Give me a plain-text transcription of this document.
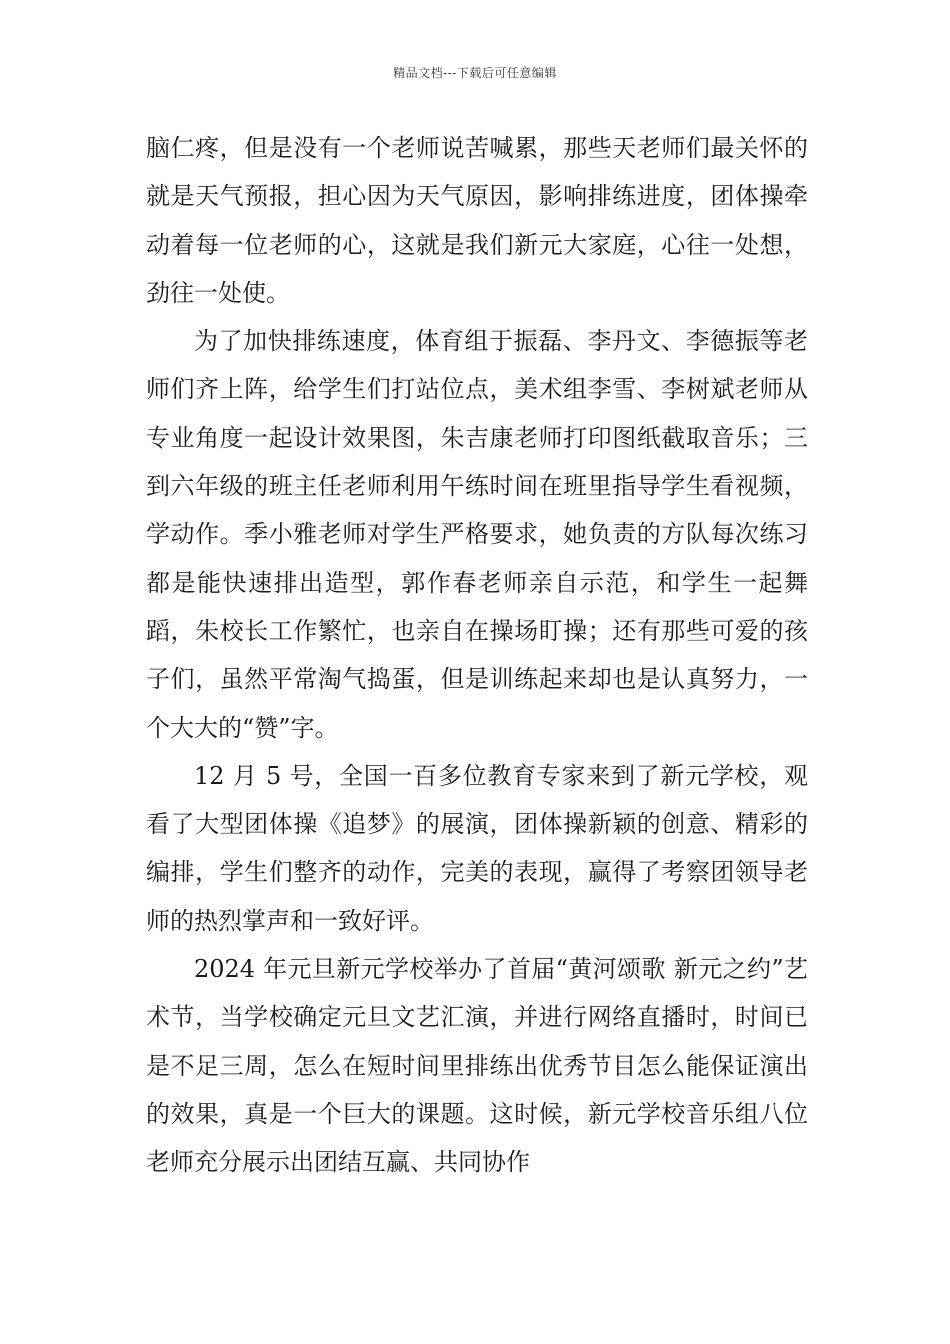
精品文档---下载后可任意编辑

脑仁疼，但是没有一个老师说苦喊累，那些天老师们最关怀的就是天气预报，担心因为天气原因，影响排练进度，团体操牵动着每一位老师的心，这就是我们新元大家庭，心往一处想，劲往一处使。

为了加快排练速度，体育组于振磊、李丹文、李德振等老师们齐上阵，给学生们打站位点，美术组李雪、李树斌老师从专业角度一起设计效果图，朱吉康老师打印图纸截取音乐；三到六年级的班主任老师利用午练时间在班里指导学生看视频，学动作。季小雅老师对学生严格要求，她负责的方队每次练习都是能快速排出造型，郭作春老师亲自示范，和学生一起舞蹈，朱校长工作繁忙，也亲自在操场盯操；还有那些可爱的孩子们，虽然平常淘气捣蛋，但是训练起来却也是认真努力，一个大大的“赞”字。

12 月 5 号，全国一百多位教育专家来到了新元学校，观看了大型团体操《追梦》的展演，团体操新颖的创意、精彩的编排，学生们整齐的动作，完美的表现，赢得了考察团领导老师的热烈掌声和一致好评。

2024 年元旦新元学校举办了首届“黄河颂歌 新元之约”艺术节，当学校确定元旦文艺汇演，并进行网络直播时，时间已是不足三周，怎么在短时间里排练出优秀节目怎么能保证演出的效果，真是一个巨大的课题。这时候，新元学校音乐组八位老师充分展示出团结互赢、共同协作
